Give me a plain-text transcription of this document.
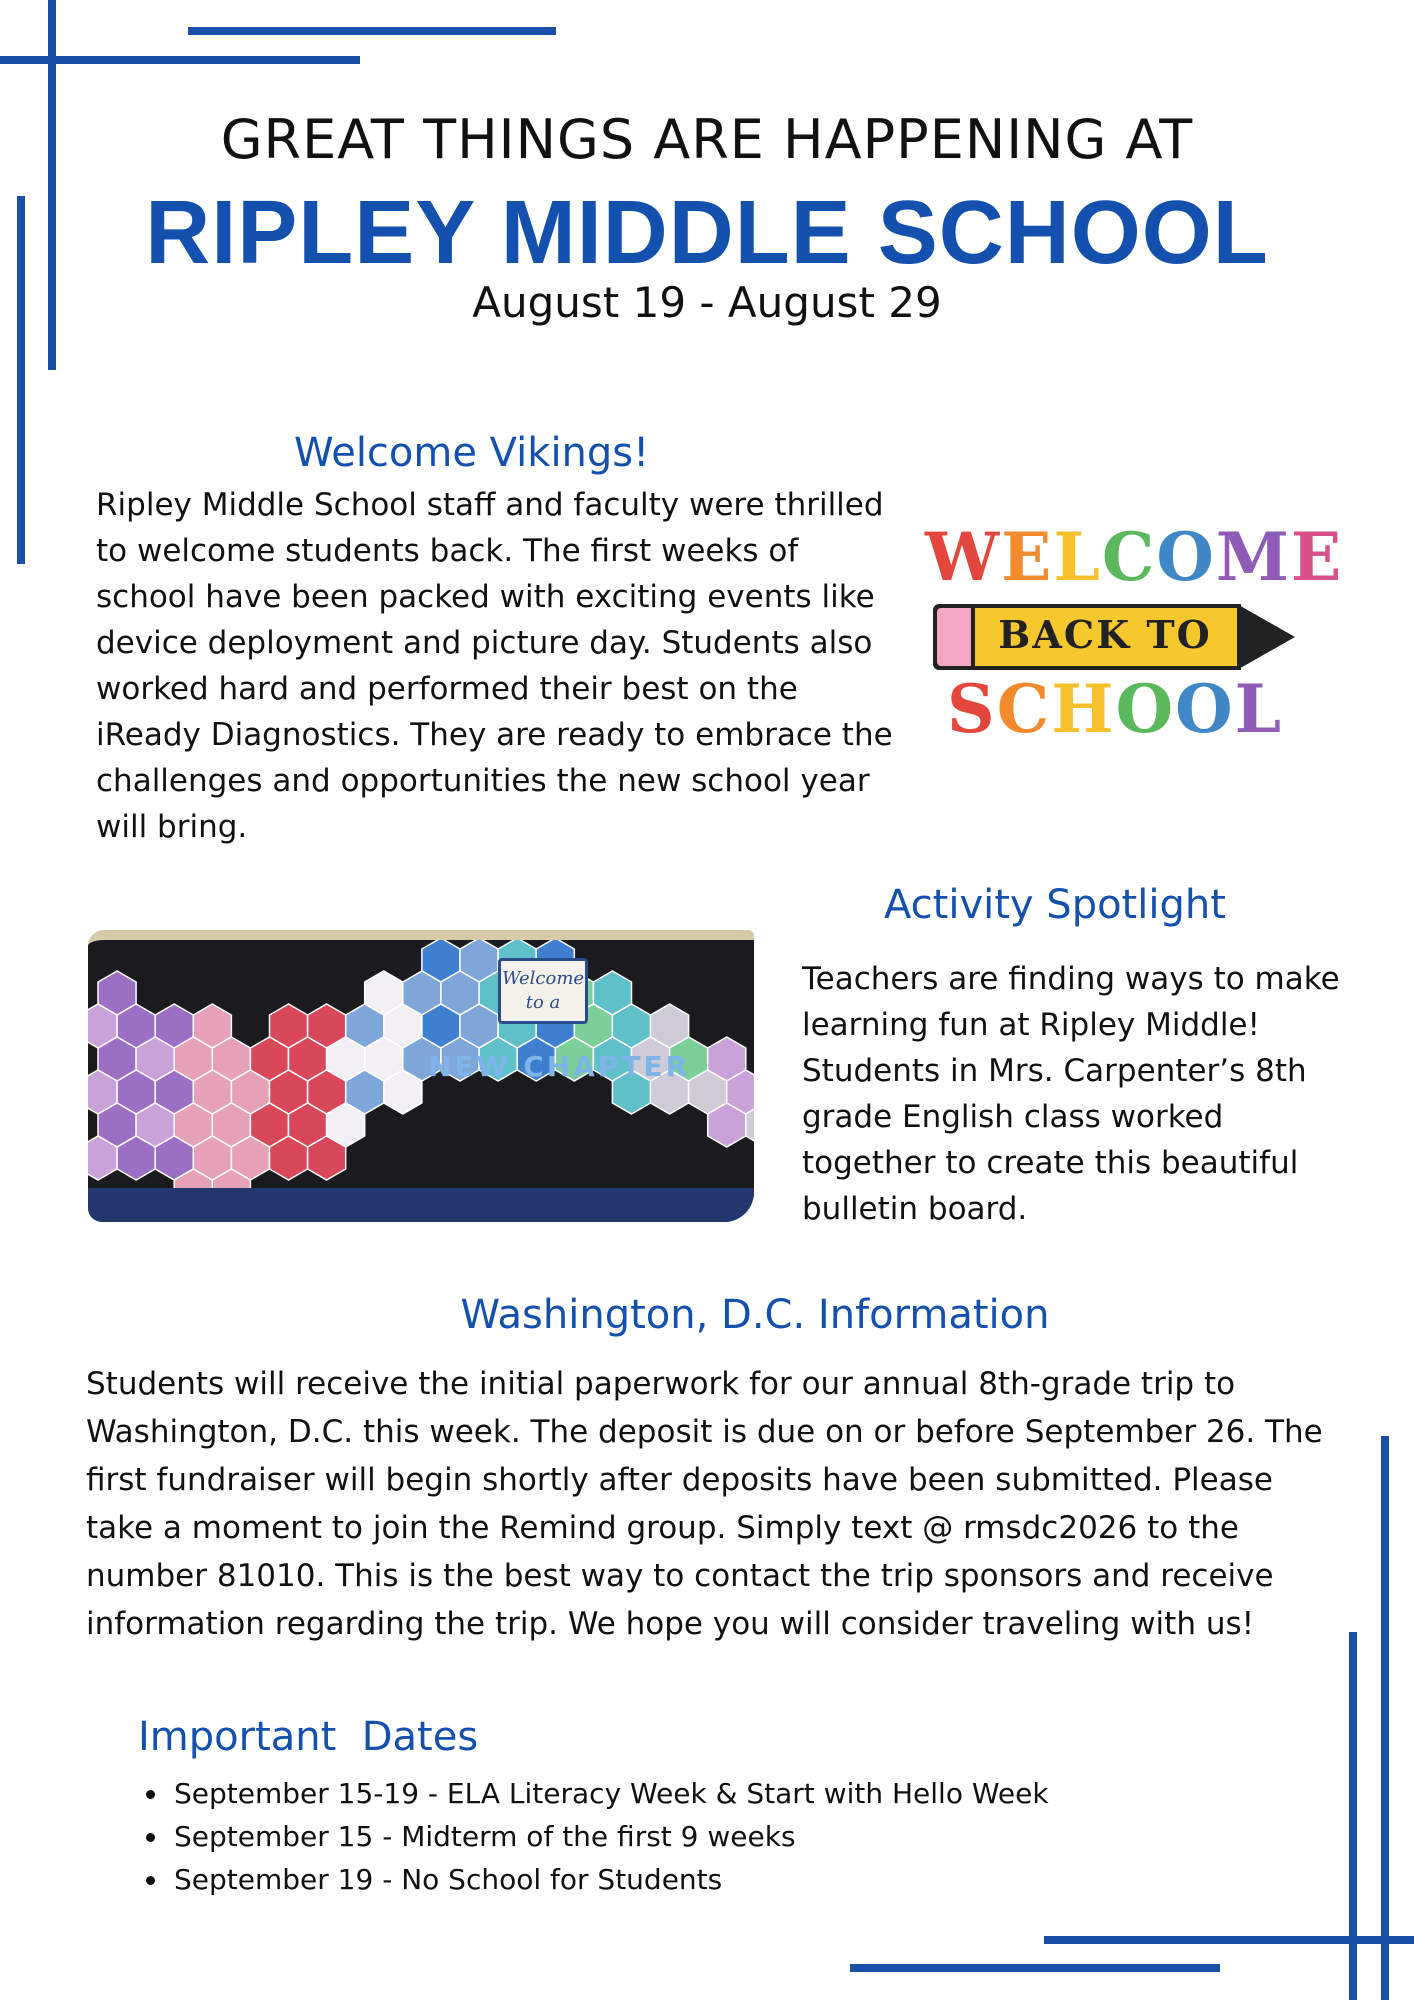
GREAT THINGS ARE HAPPENING AT
RIPLEY MIDDLE SCHOOL
August 19 - August 29
Welcome Vikings!

Ripley Middle School staff and faculty were thrilled to welcome students back. The first weeks of school have been packed with exciting events like device deployment and picture day. Students also worked hard and performed their best on the iReady Diagnostics. They are ready to embrace the challenges and opportunities the new school year will bring.

WELCOME
BACK TO
SCHOOL
Activity Spotlight
Welcome to a
NEW CHAPTER

Teachers are finding ways to make learning fun at Ripley Middle! Students in Mrs. Carpenter’s 8th grade English class worked together to create this beautiful bulletin board.

Washington, D.C. Information

Students will receive the initial paperwork for our annual 8th-grade trip to Washington, D.C. this week. The deposit is due on or before September 26. The first fundraiser will begin shortly after deposits have been submitted. Please take a moment to join the Remind group. Simply text @ rmsdc2026 to the number 81010. This is the best way to contact the trip sponsors and receive information regarding the trip. We hope you will consider traveling with us!

Important  Dates
• September 15-19 - ELA Literacy Week & Start with Hello Week
• September 15 - Midterm of the first 9 weeks
• September 19 - No School for Students
